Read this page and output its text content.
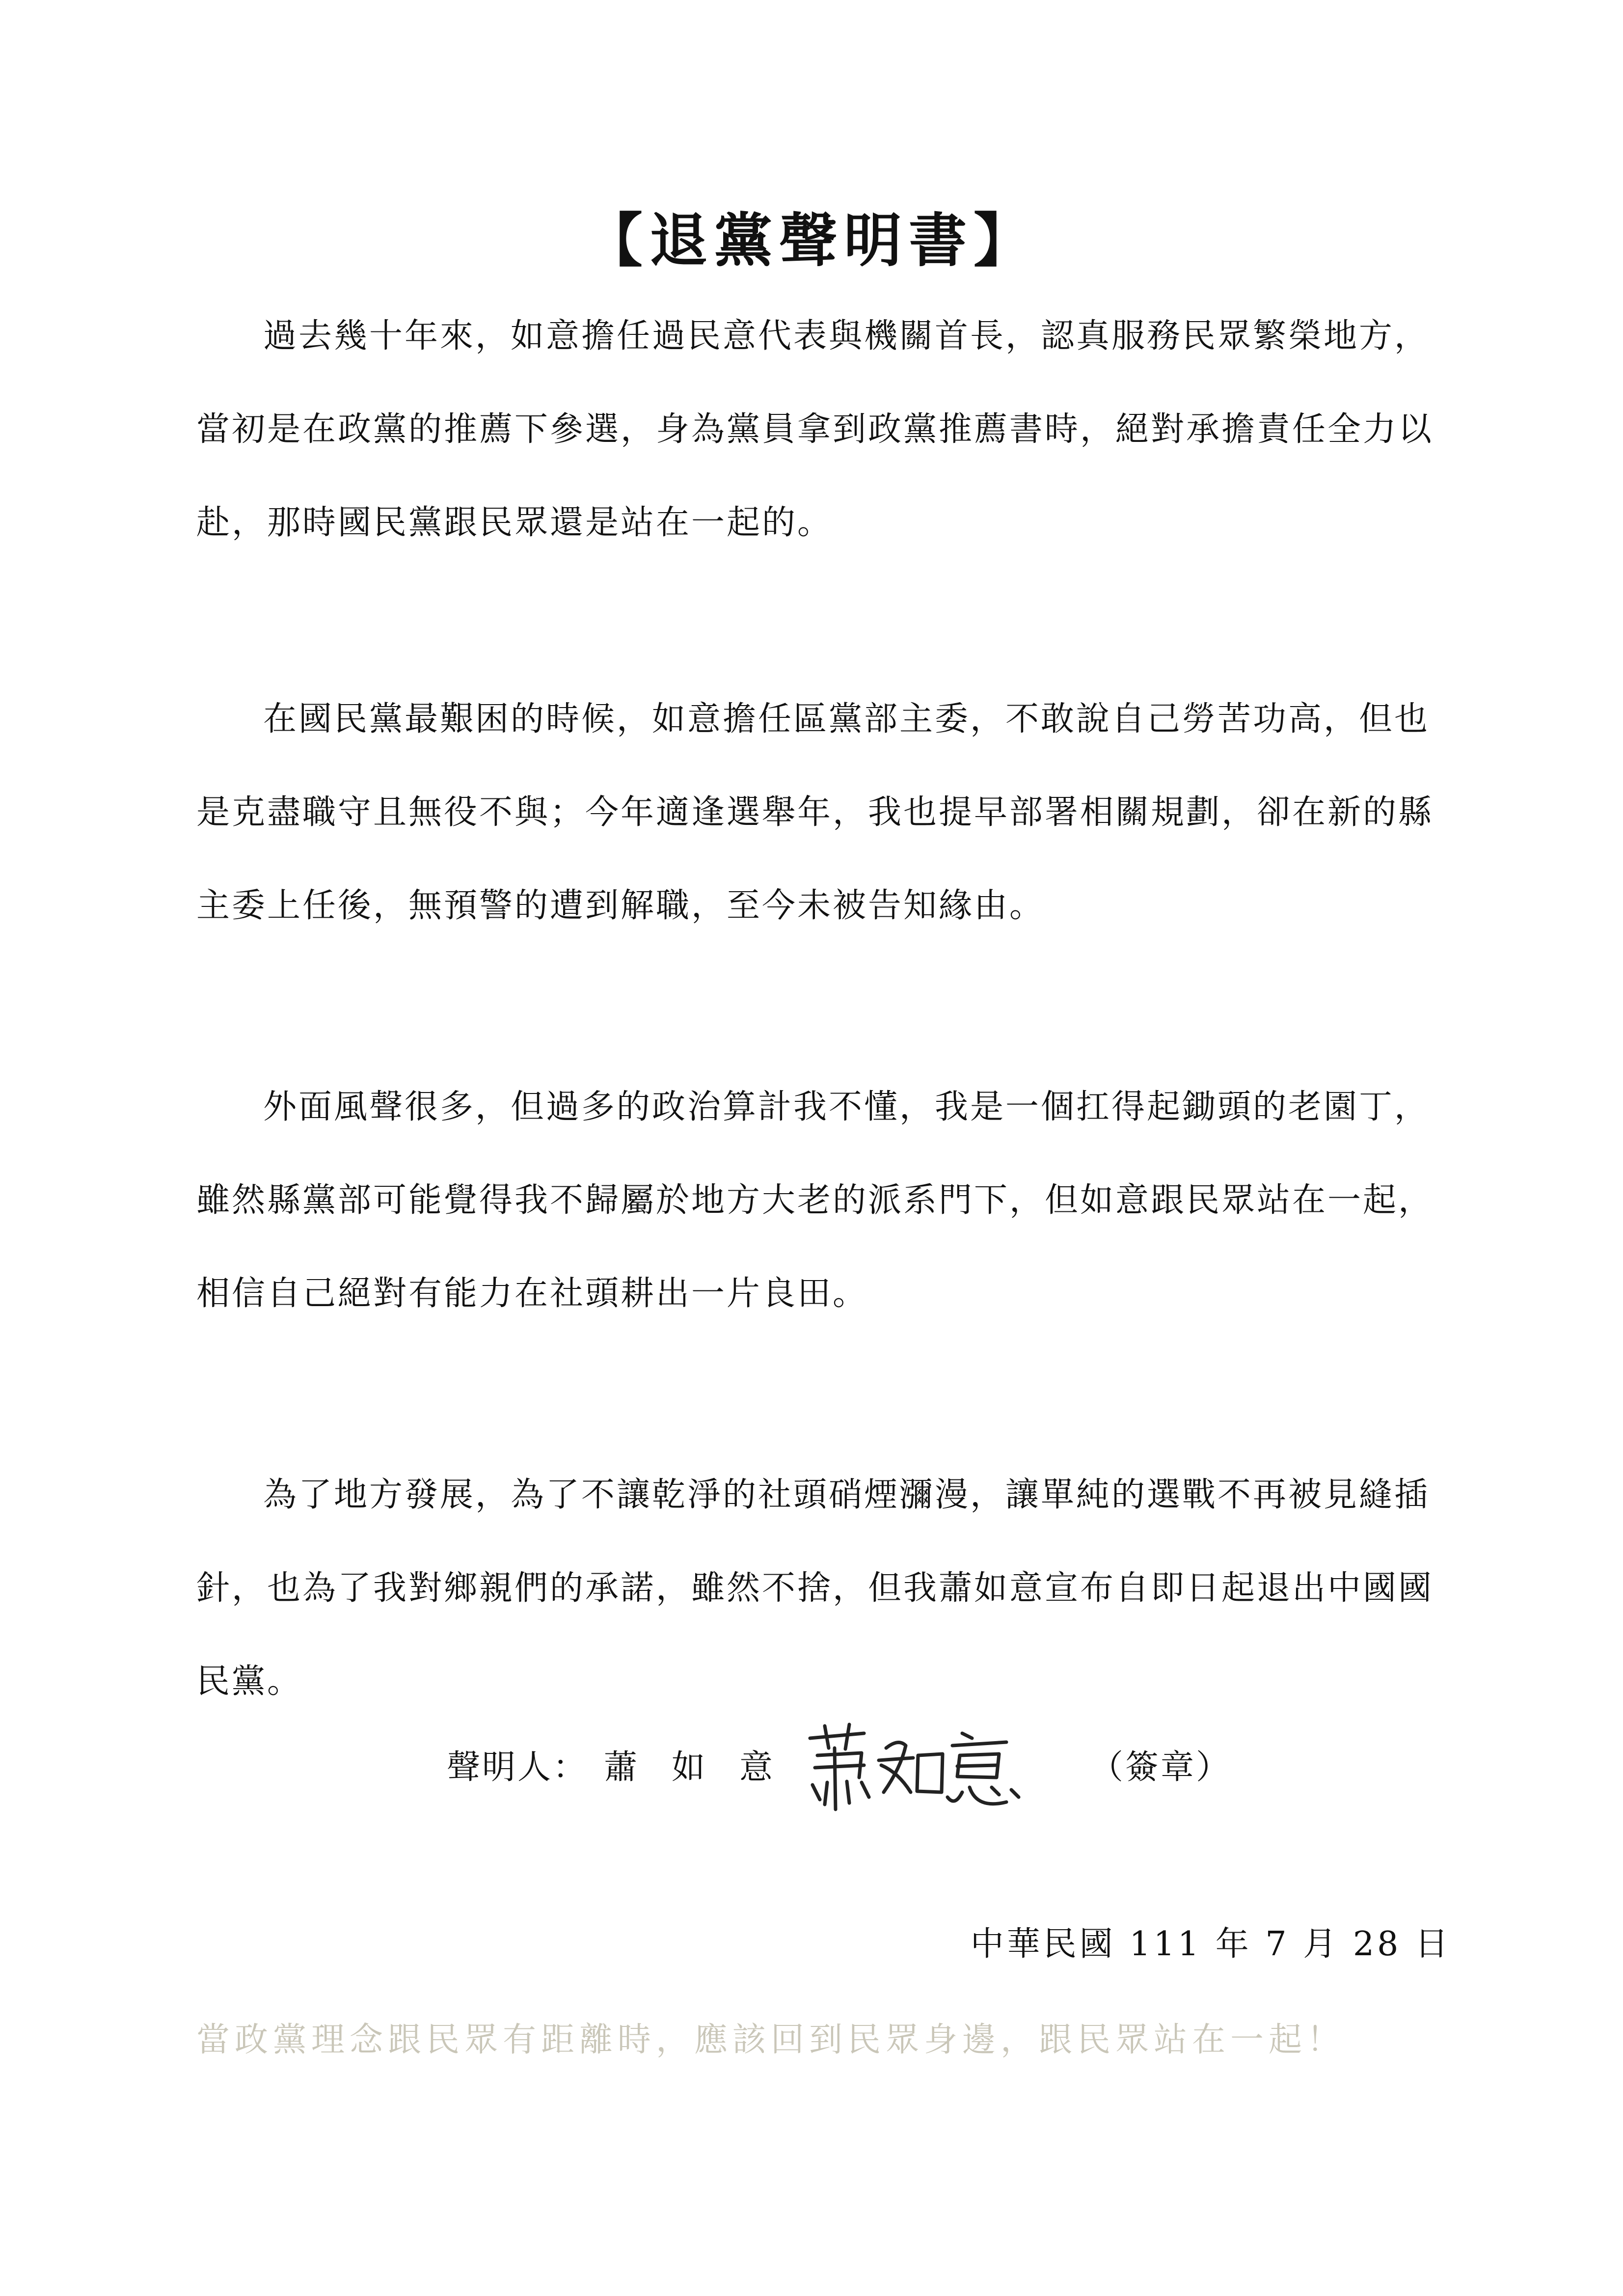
【退黨聲明書】
過去幾十年來，如意擔任過民意代表與機關首長，認真服務民眾繁榮地方，
當初是在政黨的推薦下參選，身為黨員拿到政黨推薦書時，絕對承擔責任全力以
赴，那時國民黨跟民眾還是站在一起的。
在國民黨最艱困的時候，如意擔任區黨部主委，不敢說自己勞苦功高，但也
是克盡職守且無役不與；今年適逢選舉年，我也提早部署相關規劃，卻在新的縣
主委上任後，無預警的遭到解職，至今未被告知緣由。
外面風聲很多，但過多的政治算計我不懂，我是一個扛得起鋤頭的老園丁，
雖然縣黨部可能覺得我不歸屬於地方大老的派系門下，但如意跟民眾站在一起，
相信自己絕對有能力在社頭耕出一片良田。
為了地方發展，為了不讓乾淨的社頭硝煙瀰漫，讓單純的選戰不再被見縫插
針，也為了我對鄉親們的承諾，雖然不捨，但我蕭如意宣布自即日起退出中國國
民黨。
聲明人： 蕭如意	（簽章）
中華民國 111 年 7 月 28 日
當政黨理念跟民眾有距離時，應該回到民眾身邊，跟民眾站在一起！
